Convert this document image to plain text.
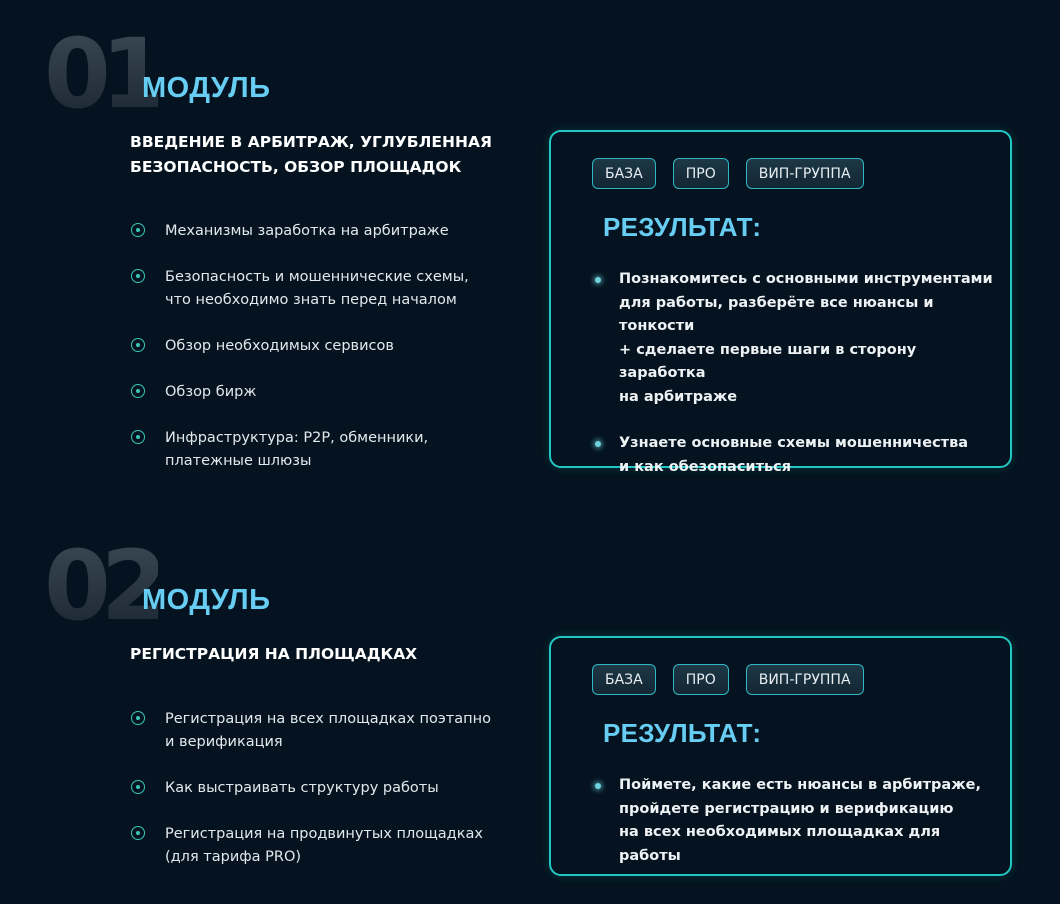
01
МОДУЛЬ
ВВЕДЕНИЕ В АРБИТРАЖ, УГЛУБЛЕННАЯ
БЕЗОПАСНОСТЬ, ОБЗОР ПЛОЩАДОК
Механизмы заработка на арбитраже
Безопасность и мошеннические схемы,
что необходимо знать перед началом
Обзор необходимых сервисов
Обзор бирж
Инфраструктура: P2P, обменники,
платежные шлюзы
БАЗА	ПРО	ВИП-ГРУППА
РЕЗУЛЬТАТ:
Познакомитесь с основными инструментами
для работы, разберёте все нюансы и тонкости
+ сделаете первые шаги в сторону заработка
на арбитраже
Узнаете основные схемы мошенничества
и как обезопаситься
02
МОДУЛЬ
РЕГИСТРАЦИЯ НА ПЛОЩАДКАХ
Регистрация на всех площадках поэтапно
и верификация
Как выстраивать структуру работы
Регистрация на продвинутых площадках
(для тарифа PRO)
БАЗА	ПРО	ВИП-ГРУППА
РЕЗУЛЬТАТ:
Поймете, какие есть нюансы в арбитраже,
пройдете регистрацию и верификацию
на всех необходимых площадках для работы
